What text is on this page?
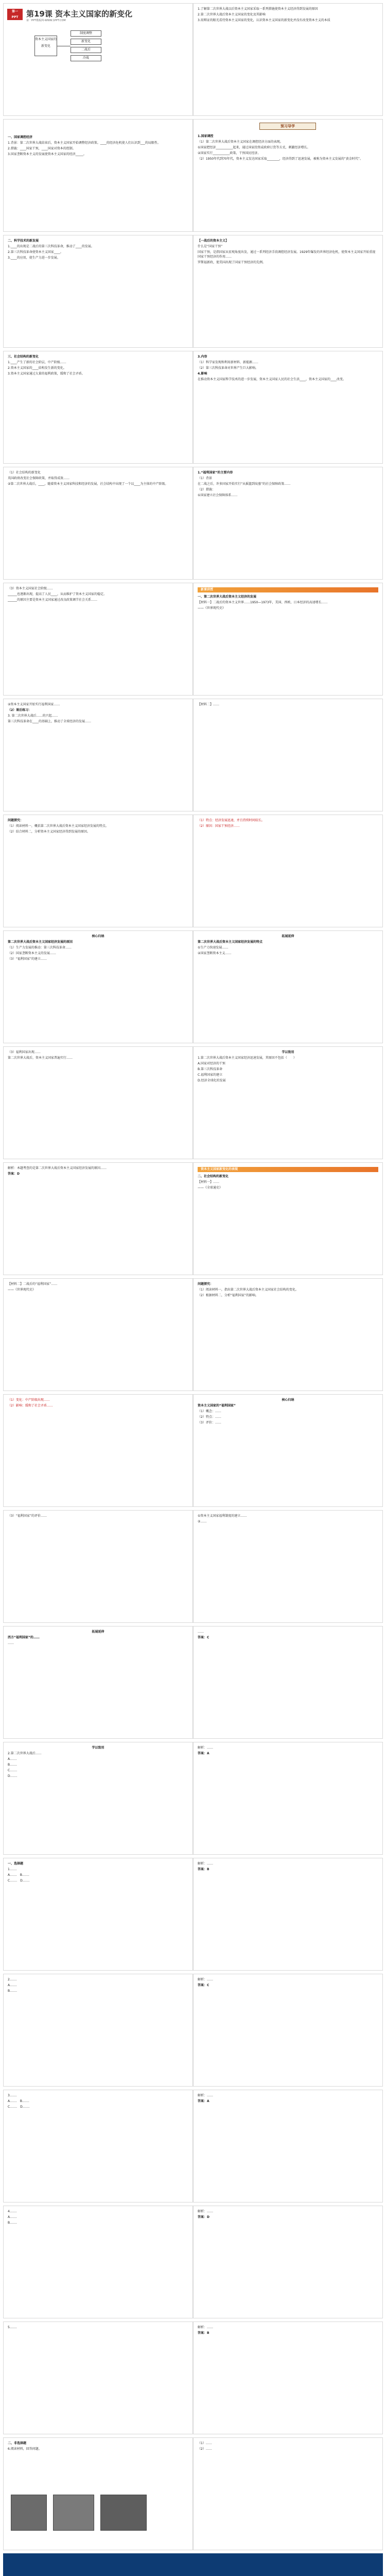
第一
PPT	第19课 资本主义国家的新变化
第一PPT模板网-WWW.1PPT.COM
资本主义国家的新变化
制度调整
新变化
二战后
冷战

1.了解第二次世界大战以后资本主义国家采取一系列措施使资本主义经济得到发展的原因

2.第二次世界大战后资本主义国家的变化及其影响

3.用辩证的眼光看待资本主义国家的变化，认识资本主义国家的新变化并没有改变资本主义的本质

一、国家调控经济

1.背景：第二次世界大战结束后，资本主义国家开始调整经济政策。____的经济危机使人们认识到___的局限性。

2.措施：____国家干预，____国家对资本的控制。

3.国家垄断资本主义的发展使资本主义国家的经济_____。

预习导学

1.国家调控

（1）第二次世界大战后资本主义国家在调控经济方面的表现。

①国家把经济___________起来，通过国家投资或政府订货等方式，刺激经济增长。

②国家实行___________政策，干预国民经济。

（2）1950年代到70年代，资本主义发达国家采取________，经济得到了迅速发展，被称为资本主义发展的“黄金时代”。

二、科学技术的新发展

1.____的出现是二战后的第三次科技革命，推动了____的发展。

2.第三次科技革命使资本主义国家____。

3.____的应用，使生产力进一步发展。

【一战后的资本主义】

什么是“国家干预”

国家干预，是指国家从宏观角度出发，通过一系列经济手段调控经济发展。1929年爆发的世界经济危机，使资本主义国家开始重视国家干预经济的作用……

罗斯福新政，使美国出现了国家干预经济的先例。

三、社会结构的新变化

1.____产生了新的社会阶层，中产阶级……

2.资本主义国家的____结构发生新的变化。

3.资本主义国家通过大量的福利政策，缓和了社会矛盾。

3.内容

（1）科学家发现和利用新材料、新能源……

（2）第三次科技革命对世界产生巨大影响。

4.影响

在推动资本主义国家科学技术的进一步发展，资本主义国家人民的社会生活____，资本主义国家的____改变。

（1）社会结构的新变化

英国政府改变社会保障政策，并取得成效……

②第二次世界大战后，____，随着资本主义国家科技和经济的发展，社会结构中出现了一个以____为主体的中产阶级。

1.“福利国家”的主要内容

（1）背景

在二战之后，许多国家开始实行“从摇篮到坟墓”的社会保障政策……

（2）措施：

①国家建立社会保障体系……

（3）资本主义国家社会阶级……

______也逐渐出现，提高了人民____，从而维护了资本主义国家的稳定。

______的原因主要是资本主义国家通过改良政策调节社会关系……

新课讲授

一、第二次世界大战后资本主义经济的发展

【材料一】二战后的资本主义世界……1950—1973年，美国、西欧、日本经济的高速增长……

——《世界现代史》

②资本主义国家开始实行福利国家……

（2）课后练习：

3. 第二次世界大战后……的兴起……

第三次科技革命在____的基础上，推动了全球经济的发展……

【材料二】……

问题探究：

（1）阅读材料一，概括第二次世界大战后资本主义国家经济发展的特点。

（2）结合材料二，分析资本主义国家经济得到发展的原因。

（1）特点：经济发展迅速，并且持续时间较长。

（2）原因：国家干预经济……

核心归纳

第二次世界大战后资本主义国家经济发展的原因

（1）生产力发展的推动：第三次科技革命……

（2）国家垄断资本主义的发展……

（3）“福利国家”的建立……

拓展延伸

第二次世界大战后资本主义国家经济发展的特点

①生产力快速发展……

②国家垄断资本主义……

（3）福利国家出现……

第二次世界大战后，资本主义国家普遍实行……

学以致用

1.第二次世界大战后资本主义国家经济迅速发展，其原因不包括（　　）

A.国家对经济的干预

B.第三次科技革命

C.福利国家的建立

D.经济全球化的发展

解析：本题考查的是第二次世界大战后资本主义国家经济发展的原因……

答案：D

资本主义国家新变化的表现

二、社会结构的新变化

【材料一】……

——《全球通史》

【材料二】二战后的“福利国家”……

——《世界现代史》

问题探究：

（1）阅读材料一，指出第二次世界大战后资本主义国家社会结构的变化。

（2）根据材料二，分析“福利国家”的影响。

（1）变化：中产阶级出现……

（2）影响：缓和了社会矛盾……

核心归纳

资本主义国家的“福利国家”

（1）概念：……

（2）特点：……

（3）评价：……

（3）“福利国家”的评价……	①资本主义国家福利制度的建立……

②……

拓展延伸

西方“福利国家”的……

……

……

答案：C

学以致用

2.第二次世界大战后……

A.……

B.……

C.……

D.……

解析：……

答案：A

一、选择题

1.……

A.……　B.……

C.……　D.……

解析：……

答案：B

2.……

A.……

B.……

解析：……

答案：C

3.……

A.……　B.……

C.……　D.……

解析：……

答案：A

4.……

A.……

B.……

解析：……

答案：D

5.……	解析：……

答案：B

二、非选择题

6.阅读材料，回答问题。

（1）……

（2）……
